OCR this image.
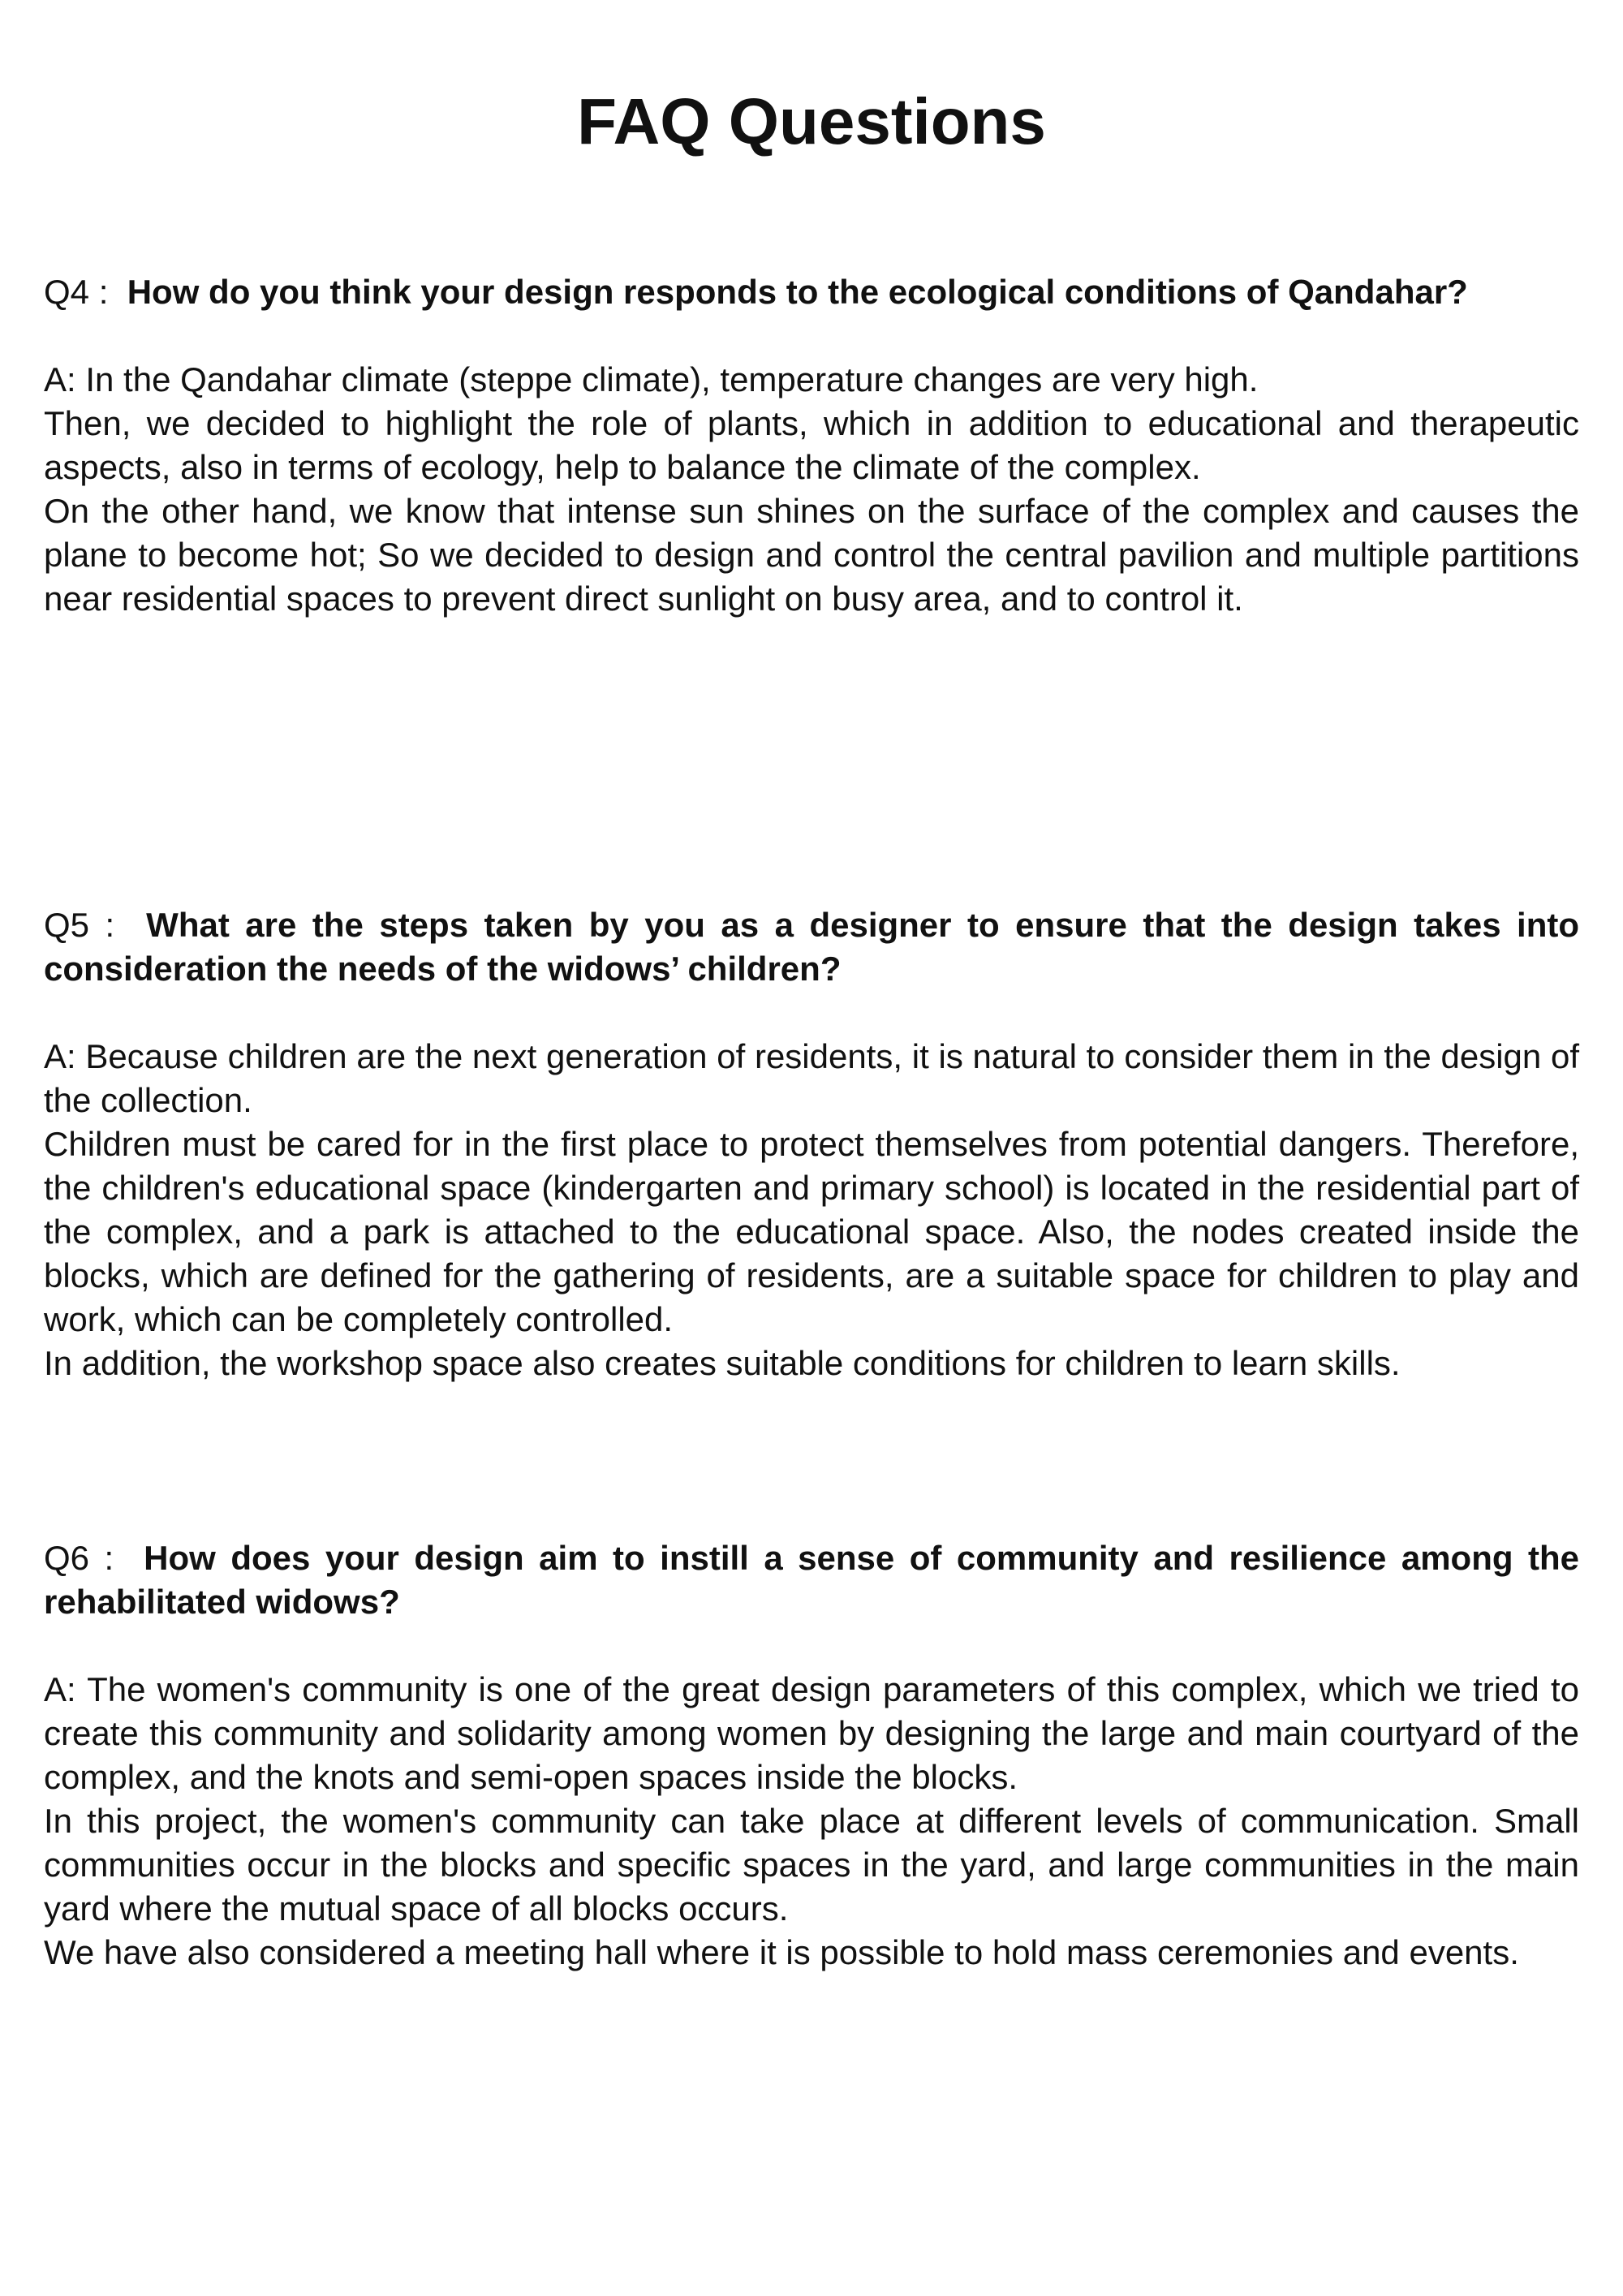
FAQ Questions

Q4 : How do you think your design responds to the ecological conditions of Qandahar?

A: In the Qandahar climate (steppe climate), temperature changes are very high.

Then, we decided to highlight the role of plants, which in addition to educational and therapeutic aspects, also in terms of ecology, help to balance the climate of the complex.

On the other hand, we know that intense sun shines on the surface of the complex and causes the plane to become hot; So we decided to design and control the central pavilion and multiple partitions near residential spaces to prevent direct sunlight on busy area, and to control it.

Q5 : What are the steps taken by you as a designer to ensure that the design takes into consideration the needs of the widows’ children?

A: Because children are the next generation of residents, it is natural to consider them in the design of the collection.

Children must be cared for in the first place to protect themselves from potential dangers. Therefore, the children's educational space (kindergarten and primary school) is located in the residential part of the complex, and a park is attached to the educational space. Also, the nodes created inside the blocks, which are defined for the gathering of residents, are a suitable space for children to play and work, which can be completely controlled.

In addition, the workshop space also creates suitable conditions for children to learn skills.

Q6 : How does your design aim to instill a sense of community and resilience among the rehabilitated widows?

A: The women's community is one of the great design parameters of this complex, which we tried to create this community and solidarity among women by designing the large and main courtyard of the complex, and the knots and semi-open spaces inside the blocks.

In this project, the women's community can take place at different levels of communication. Small communities occur in the blocks and specific spaces in the yard, and large communities in the main yard where the mutual space of all blocks occurs.

We have also considered a meeting hall where it is possible to hold mass ceremonies and events.
